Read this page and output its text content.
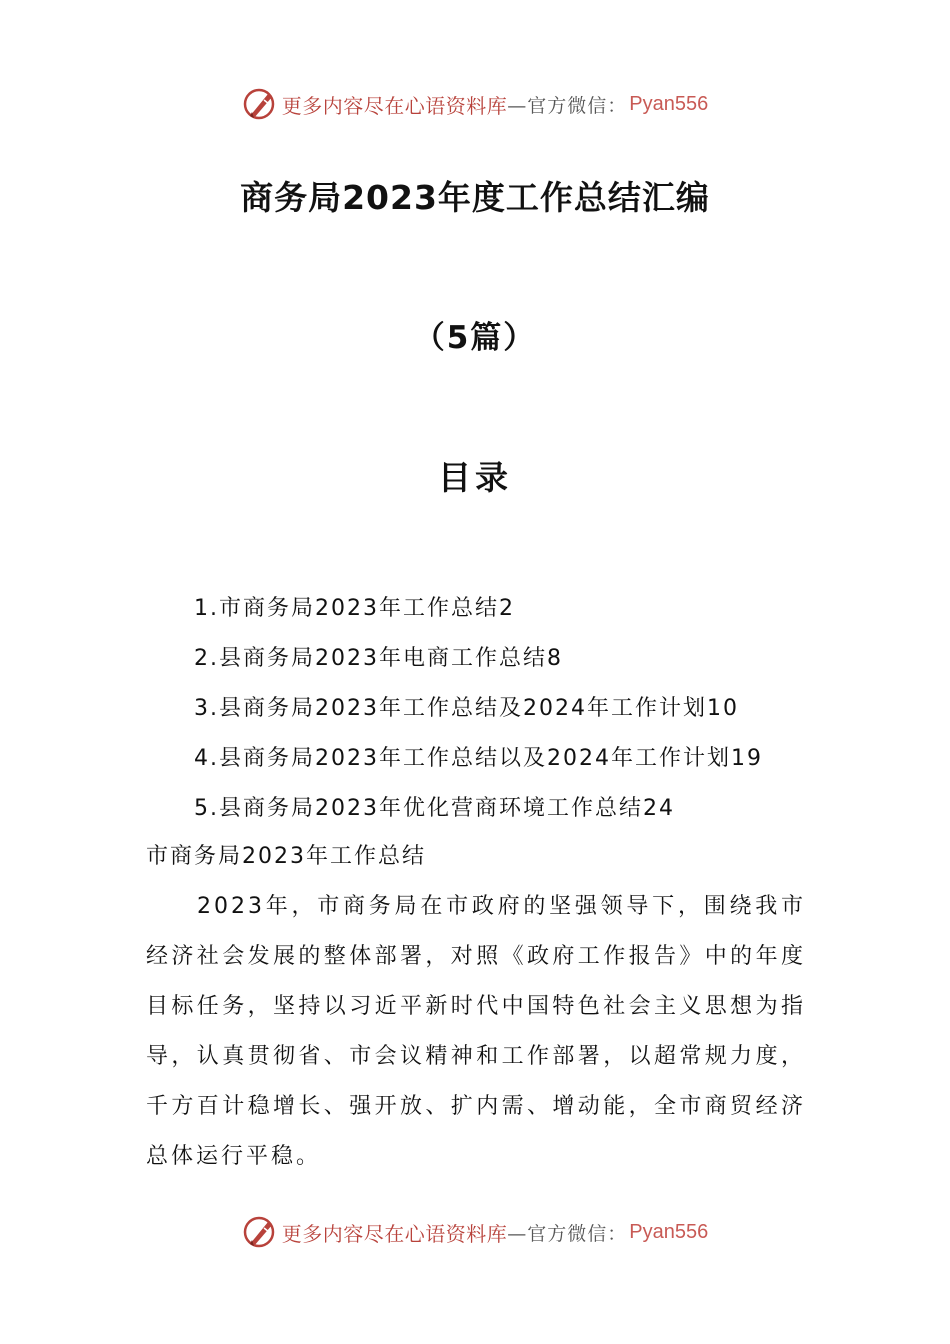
更多内容尽在心语资料库 —官方微信： Pyan556
商务局2023年度工作总结汇编
（5篇）
目录
1.市商务局2023年工作总结2
2.县商务局2023年电商工作总结8
3.县商务局2023年工作总结及2024年工作计划10
4.县商务局2023年工作总结以及2024年工作计划19
5.县商务局2023年优化营商环境工作总结24
市商务局2023年工作总结

2023年，市商务局在市政府的坚强领导下，围绕我市经济社会发展的整体部署，对照《政府工作报告》中的年度目标任务，坚持以习近平新时代中国特色社会主义思想为指导，认真贯彻省、市会议精神和工作部署，以超常规力度，千方百计稳增长、强开放、扩内需、增动能，全市商贸经济总体运行平稳。

更多内容尽在心语资料库 —官方微信： Pyan556
